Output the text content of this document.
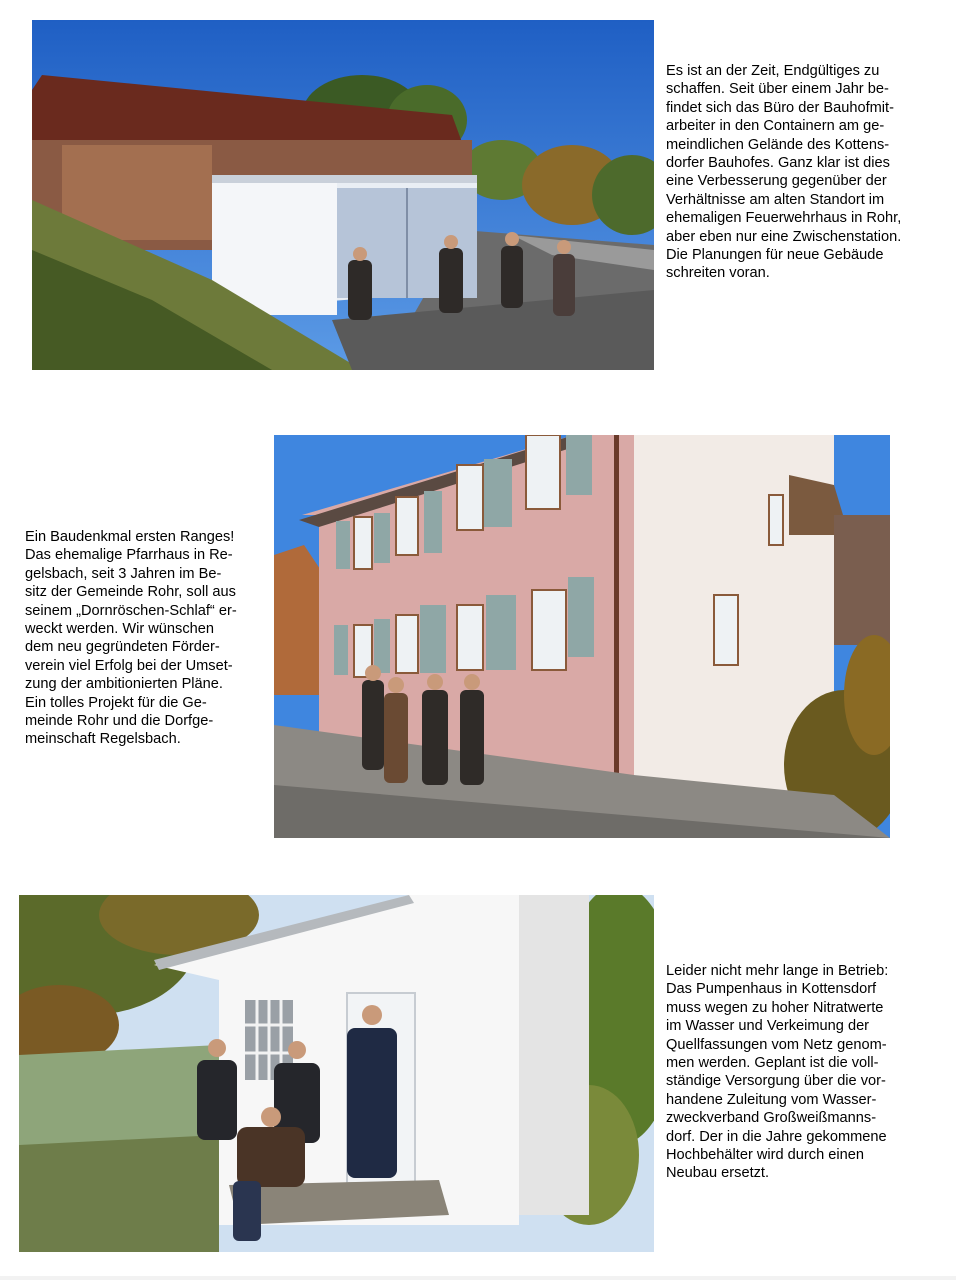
Es ist an der Zeit, Endgültiges zu
schaffen. Seit über einem Jahr be-
findet sich das Büro der Bauhofmit-
arbeiter in den Containern am ge-
meindlichen Gelände des Kottens-
dorfer Bauhofes. Ganz klar ist dies
eine Verbesserung gegenüber der
Verhältnisse am alten Standort im
ehemaligen Feuerwehrhaus in Rohr,
aber eben nur eine Zwischenstation.
Die Planungen für neue Gebäude
schreiten voran.

Ein Baudenkmal ersten Ranges!
Das ehemalige Pfarrhaus in Re-
gelsbach, seit 3 Jahren im Be-
sitz der Gemeinde Rohr, soll aus
seinem „Dornröschen-Schlaf“ er-
weckt werden. Wir wünschen
dem neu gegründeten Förder-
verein viel Erfolg bei der Umset-
zung der ambitionierten Pläne.
Ein tolles Projekt für die Ge-
meinde Rohr und die Dorfge-
meinschaft Regelsbach.

Leider nicht mehr lange in Betrieb:
Das Pumpenhaus in Kottensdorf
muss wegen zu hoher Nitratwerte
im Wasser und Verkeimung der
Quellfassungen vom Netz genom-
men werden. Geplant ist die voll-
ständige Versorgung über die vor-
handene Zuleitung vom Wasser-
zweckverband Großweißmanns-
dorf. Der in die Jahre gekommene
Hochbehälter wird durch einen
Neubau ersetzt.
